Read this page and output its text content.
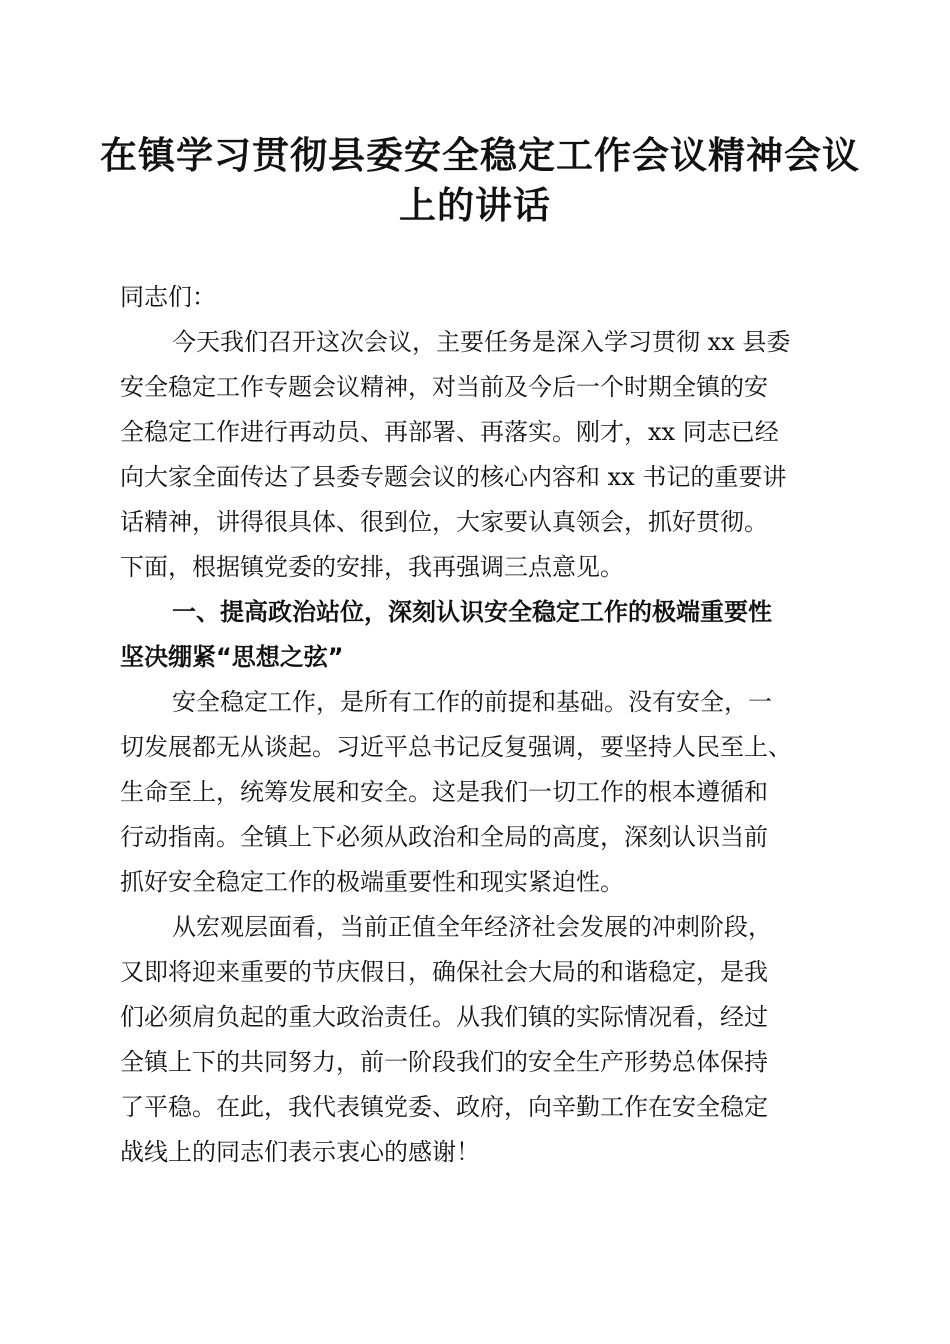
在镇学习贯彻县委安全稳定工作会议精神会议
上的讲话
同志们：
今天我们召开这次会议，主要任务是深入学习贯彻 xx 县委
安全稳定工作专题会议精神，对当前及今后一个时期全镇的安
全稳定工作进行再动员、再部署、再落实。刚才，xx 同志已经
向大家全面传达了县委专题会议的核心内容和 xx 书记的重要讲
话精神，讲得很具体、很到位，大家要认真领会，抓好贯彻。
下面，根据镇党委的安排，我再强调三点意见。
一、提高政治站位，深刻认识安全稳定工作的极端重要性
坚决绷紧“思想之弦”
安全稳定工作，是所有工作的前提和基础。没有安全，一
切发展都无从谈起。习近平总书记反复强调，要坚持人民至上、
生命至上，统筹发展和安全。这是我们一切工作的根本遵循和
行动指南。全镇上下必须从政治和全局的高度，深刻认识当前
抓好安全稳定工作的极端重要性和现实紧迫性。
从宏观层面看，当前正值全年经济社会发展的冲刺阶段，
又即将迎来重要的节庆假日，确保社会大局的和谐稳定，是我
们必须肩负起的重大政治责任。从我们镇的实际情况看，经过
全镇上下的共同努力，前一阶段我们的安全生产形势总体保持
了平稳。在此，我代表镇党委、政府，向辛勤工作在安全稳定
战线上的同志们表示衷心的感谢！
